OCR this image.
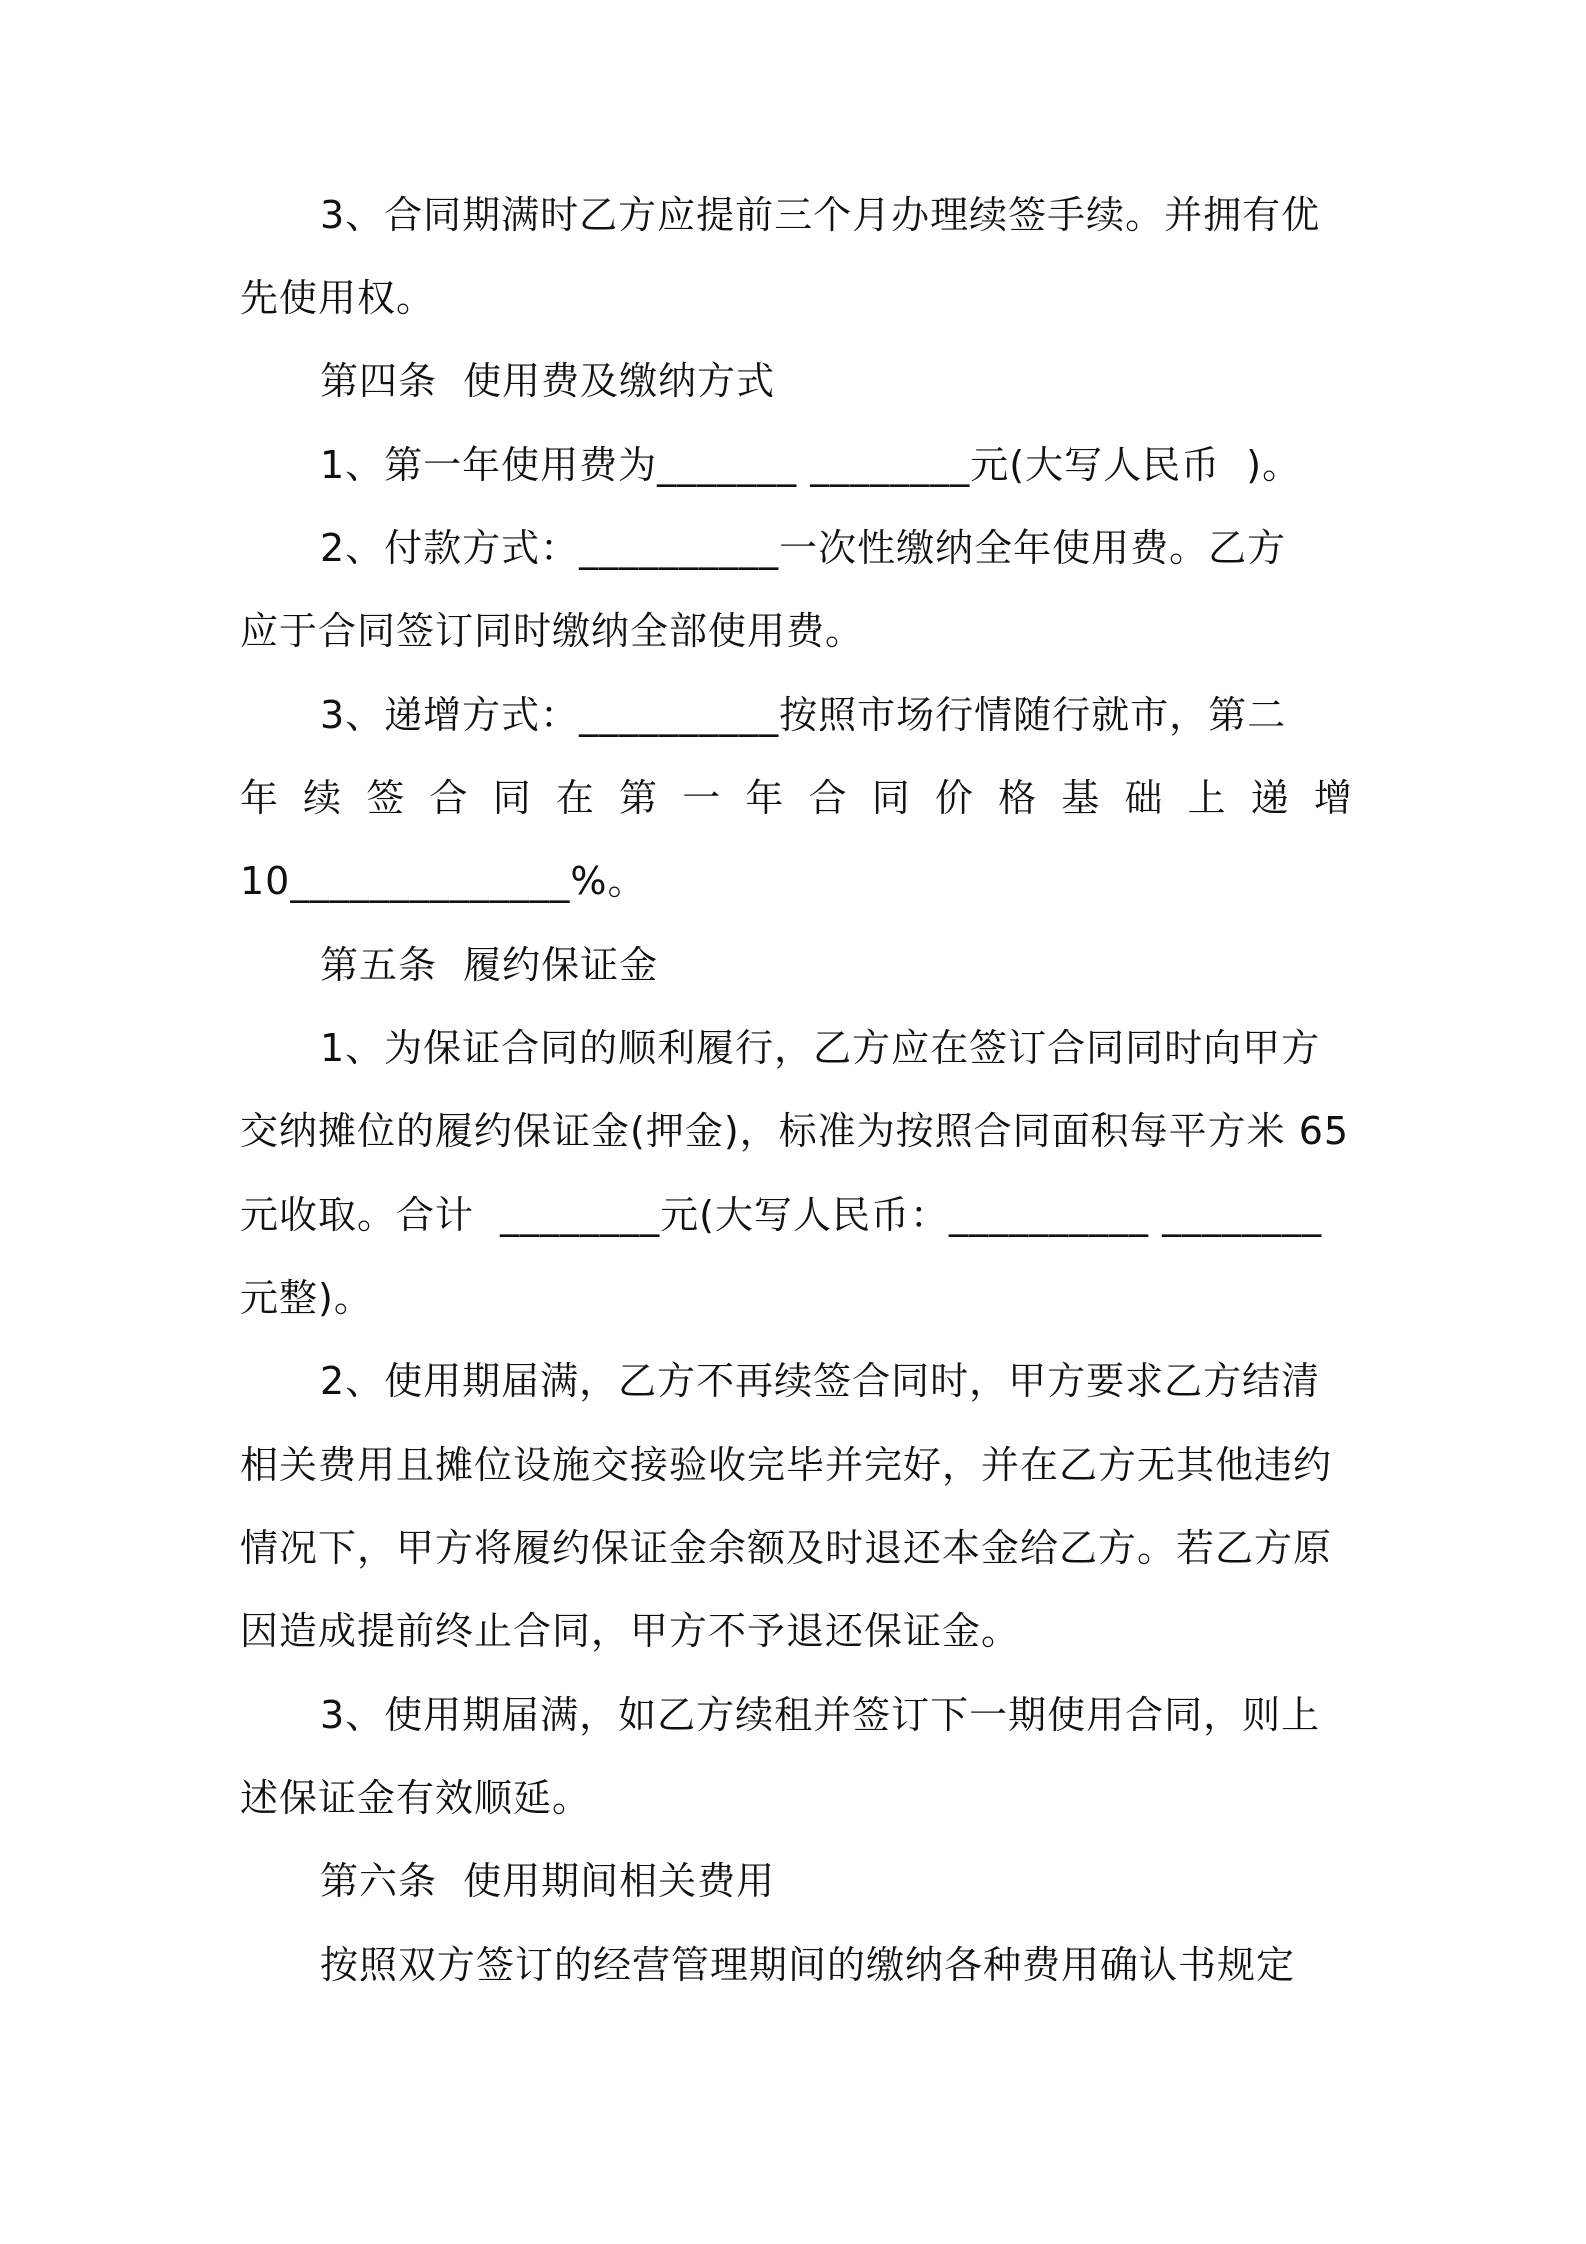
3、合同期满时乙方应提前三个月办理续签手续。并拥有优
先使用权。
第四条  使用费及缴纳方式
1、第一年使用费为_______ ________元(大写人民币  )。
2、付款方式：__________一次性缴纳全年使用费。乙方
应于合同签订同时缴纳全部使用费。
3、递增方式：__________按照市场行情随行就市，第二
年 续 签 合 同 在 第 一 年 合 同 价 格 基 础 上 递 增
10______________%。
第五条  履约保证金
1、为保证合同的顺利履行，乙方应在签订合同同时向甲方
交纳摊位的履约保证金(押金)，标准为按照合同面积每平方米 65
元收取。合计  ________元(大写人民币：__________ ________
元整)。
2、使用期届满，乙方不再续签合同时，甲方要求乙方结清
相关费用且摊位设施交接验收完毕并完好，并在乙方无其他违约
情况下，甲方将履约保证金余额及时退还本金给乙方。若乙方原
因造成提前终止合同，甲方不予退还保证金。
3、使用期届满，如乙方续租并签订下一期使用合同，则上
述保证金有效顺延。
第六条  使用期间相关费用
按照双方签订的经营管理期间的缴纳各种费用确认书规定
